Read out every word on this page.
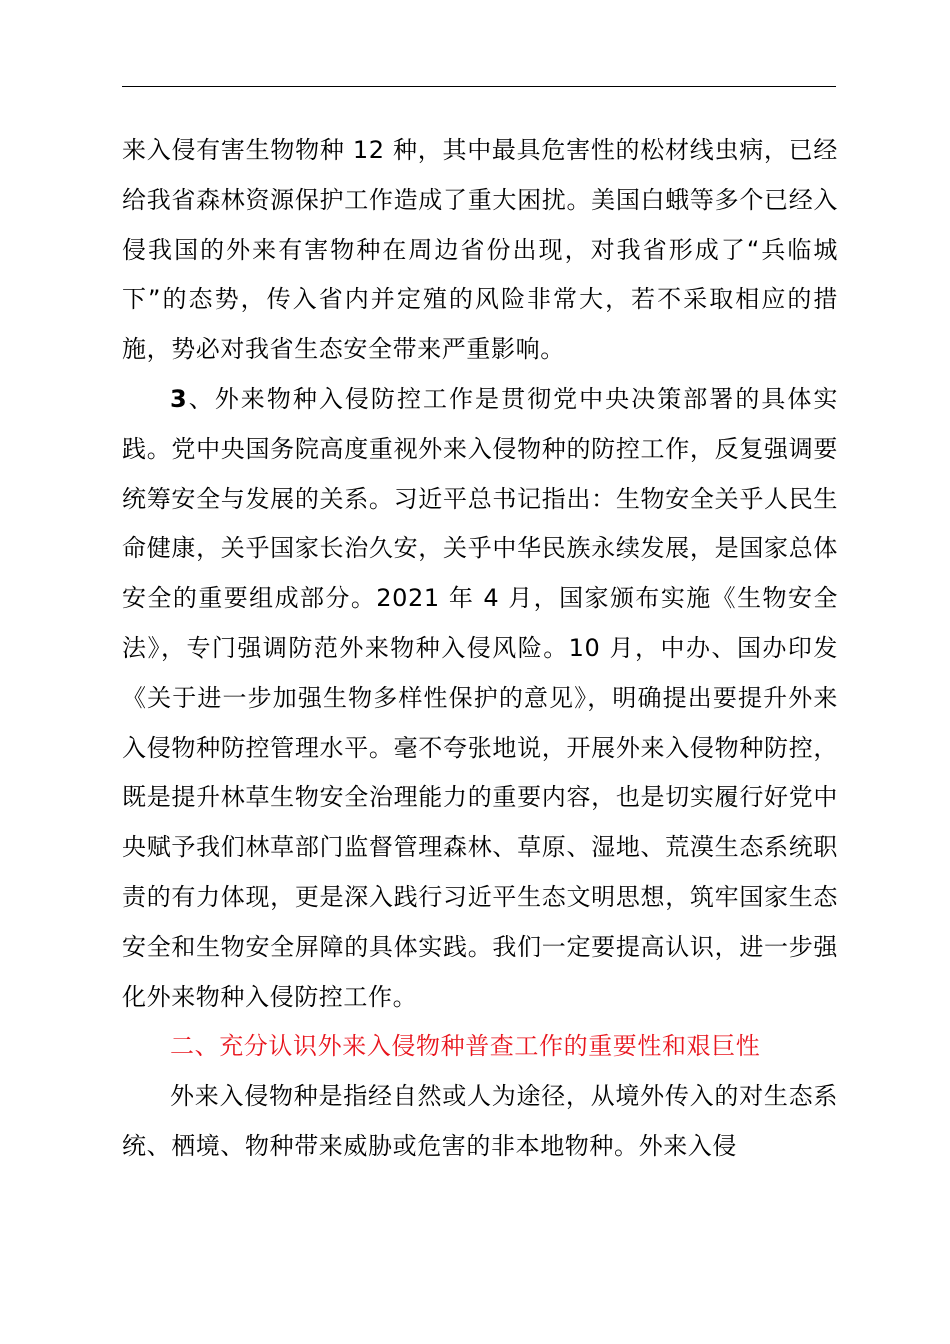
来入侵有害生物物种 12 种，其中最具危害性的松材线虫病，已经给我省森林资源保护工作造成了重大困扰。美国白蛾等多个已经入侵我国的外来有害物种在周边省份出现，对我省形成了“兵临城下”的态势，传入省内并定殖的风险非常大，若不采取相应的措施，势必对我省生态安全带来严重影响。

3、外来物种入侵防控工作是贯彻党中央决策部署的具体实践。党中央国务院高度重视外来入侵物种的防控工作，反复强调要统筹安全与发展的关系。习近平总书记指出：生物安全关乎人民生命健康，关乎国家长治久安，关乎中华民族永续发展，是国家总体安全的重要组成部分。2021 年 4 月，国家颁布实施《生物安全法》，专门强调防范外来物种入侵风险。10 月，中办、国办印发《关于进一步加强生物多样性保护的意见》，明确提出要提升外来入侵物种防控管理水平。毫不夸张地说，开展外来入侵物种防控，既是提升林草生物安全治理能力的重要内容，也是切实履行好党中央赋予我们林草部门监督管理森林、草原、湿地、荒漠生态系统职责的有力体现，更是深入践行习近平生态文明思想，筑牢国家生态安全和生物安全屏障的具体实践。我们一定要提高认识，进一步强化外来物种入侵防控工作。

二、充分认识外来入侵物种普查工作的重要性和艰巨性

外来入侵物种是指经自然或人为途径，从境外传入的对生态系统、栖境、物种带来威胁或危害的非本地物种。外来入侵
